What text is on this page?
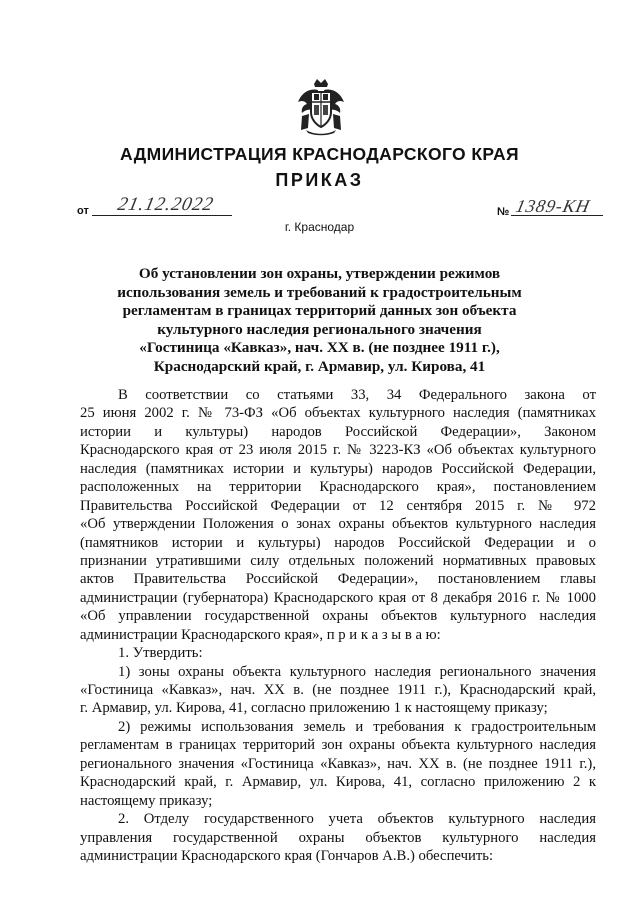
АДМИНИСТРАЦИЯ КРАСНОДАРСКОГО КРАЯ
ПРИКАЗ
от 21.12.2022	№ 1389-КН
г. Краснодар
Об установлении зон охраны, утверждении режимов
использования земель и требований к градостроительным
регламентам в границах территорий данных зон объекта
культурного наследия регионального значения
«Гостиница «Кавказ», нач. XX в. (не позднее 1911 г.),
Краснодарский край, г. Армавир, ул. Кирова, 41
В соответствии со статьями 33, 34 Федерального закона от
25 июня 2002 г. № 73-ФЗ «Об объектах культурного наследия (памятниках
истории и культуры) народов Российской Федерации», Законом
Краснодарского края от 23 июля 2015 г. № 3223-КЗ «Об объектах культурного
наследия (памятниках истории и культуры) народов Российской Федерации,
расположенных на территории Краснодарского края», постановлением
Правительства Российской Федерации от 12 сентября 2015 г. № 972
«Об утверждении Положения о зонах охраны объектов культурного наследия
(памятников истории и культуры) народов Российской Федерации и о
признании утратившими силу отдельных положений нормативных правовых
актов Правительства Российской Федерации», постановлением главы
администрации (губернатора) Краснодарского края от 8 декабря 2016 г. № 1000
«Об управлении государственной охраны объектов культурного наследия
администрации Краснодарского края», п р и к а з ы в а ю:
1. Утвердить:
1) зоны охраны объекта культурного наследия регионального значения
«Гостиница «Кавказ», нач. XX в. (не позднее 1911 г.), Краснодарский край,
г. Армавир, ул. Кирова, 41, согласно приложению 1 к настоящему приказу;
2) режимы использования земель и требования к градостроительным
регламентам в границах территорий зон охраны объекта культурного наследия
регионального значения «Гостиница «Кавказ», нач. XX в. (не позднее 1911 г.),
Краснодарский край, г. Армавир, ул. Кирова, 41, согласно приложению 2 к
настоящему приказу;
2. Отделу государственного учета объектов культурного наследия
управления государственной охраны объектов культурного наследия
администрации Краснодарского края (Гончаров А.В.) обеспечить:
